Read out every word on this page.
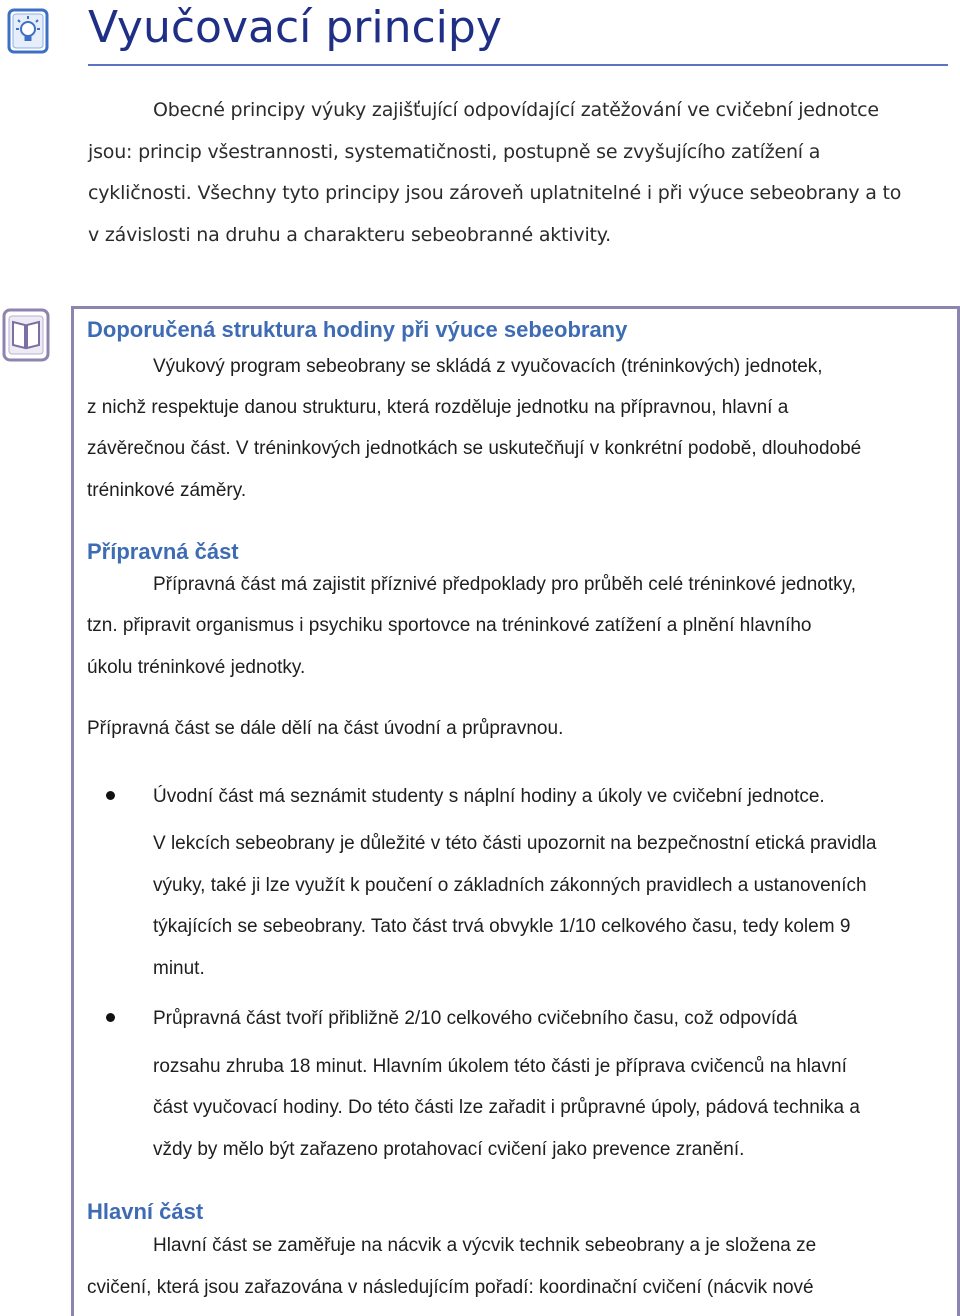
Vyučovací principy
Obecné principy výuky zajišťující odpovídající zatěžování ve cvičební jednotce
jsou: princip všestrannosti, systematičnosti, postupně se zvyšujícího zatížení a
cykličnosti. Všechny tyto principy jsou zároveň uplatnitelné i při výuce sebeobrany a to
v závislosti na druhu a charakteru sebeobranné aktivity.
Doporučená struktura hodiny při výuce sebeobrany
Výukový program sebeobrany se skládá z vyučovacích (tréninkových) jednotek,
z nichž respektuje danou strukturu, která rozděluje jednotku na přípravnou, hlavní a
závěrečnou část. V tréninkových jednotkách se uskutečňují v konkrétní podobě, dlouhodobé
tréninkové záměry.
Přípravná část
Přípravná část má zajistit příznivé předpoklady pro průběh celé tréninkové jednotky,
tzn. připravit organismus i psychiku sportovce na tréninkové zatížení a plnění hlavního
úkolu tréninkové jednotky.
Přípravná část se dále dělí na část úvodní a průpravnou.
Úvodní část má seznámit studenty s náplní hodiny a úkoly ve cvičební jednotce.
V lekcích sebeobrany je důležité v této části upozornit na bezpečnostní etická pravidla
výuky, také ji lze využít k poučení o základních zákonných pravidlech a ustanoveních
týkajících se sebeobrany. Tato část trvá obvykle 1/10 celkového času, tedy kolem 9
minut.
Průpravná část tvoří přibližně 2/10 celkového cvičebního času, což odpovídá
rozsahu zhruba 18 minut. Hlavním úkolem této části je příprava cvičenců na hlavní
část vyučovací hodiny. Do této části lze zařadit i průpravné úpoly, pádová technika a
vždy by mělo být zařazeno protahovací cvičení jako prevence zranění.
Hlavní část
Hlavní část se zaměřuje na nácvik a výcvik technik sebeobrany a je složena ze
cvičení, která jsou zařazována v následujícím pořadí: koordinační cvičení (nácvik nové
